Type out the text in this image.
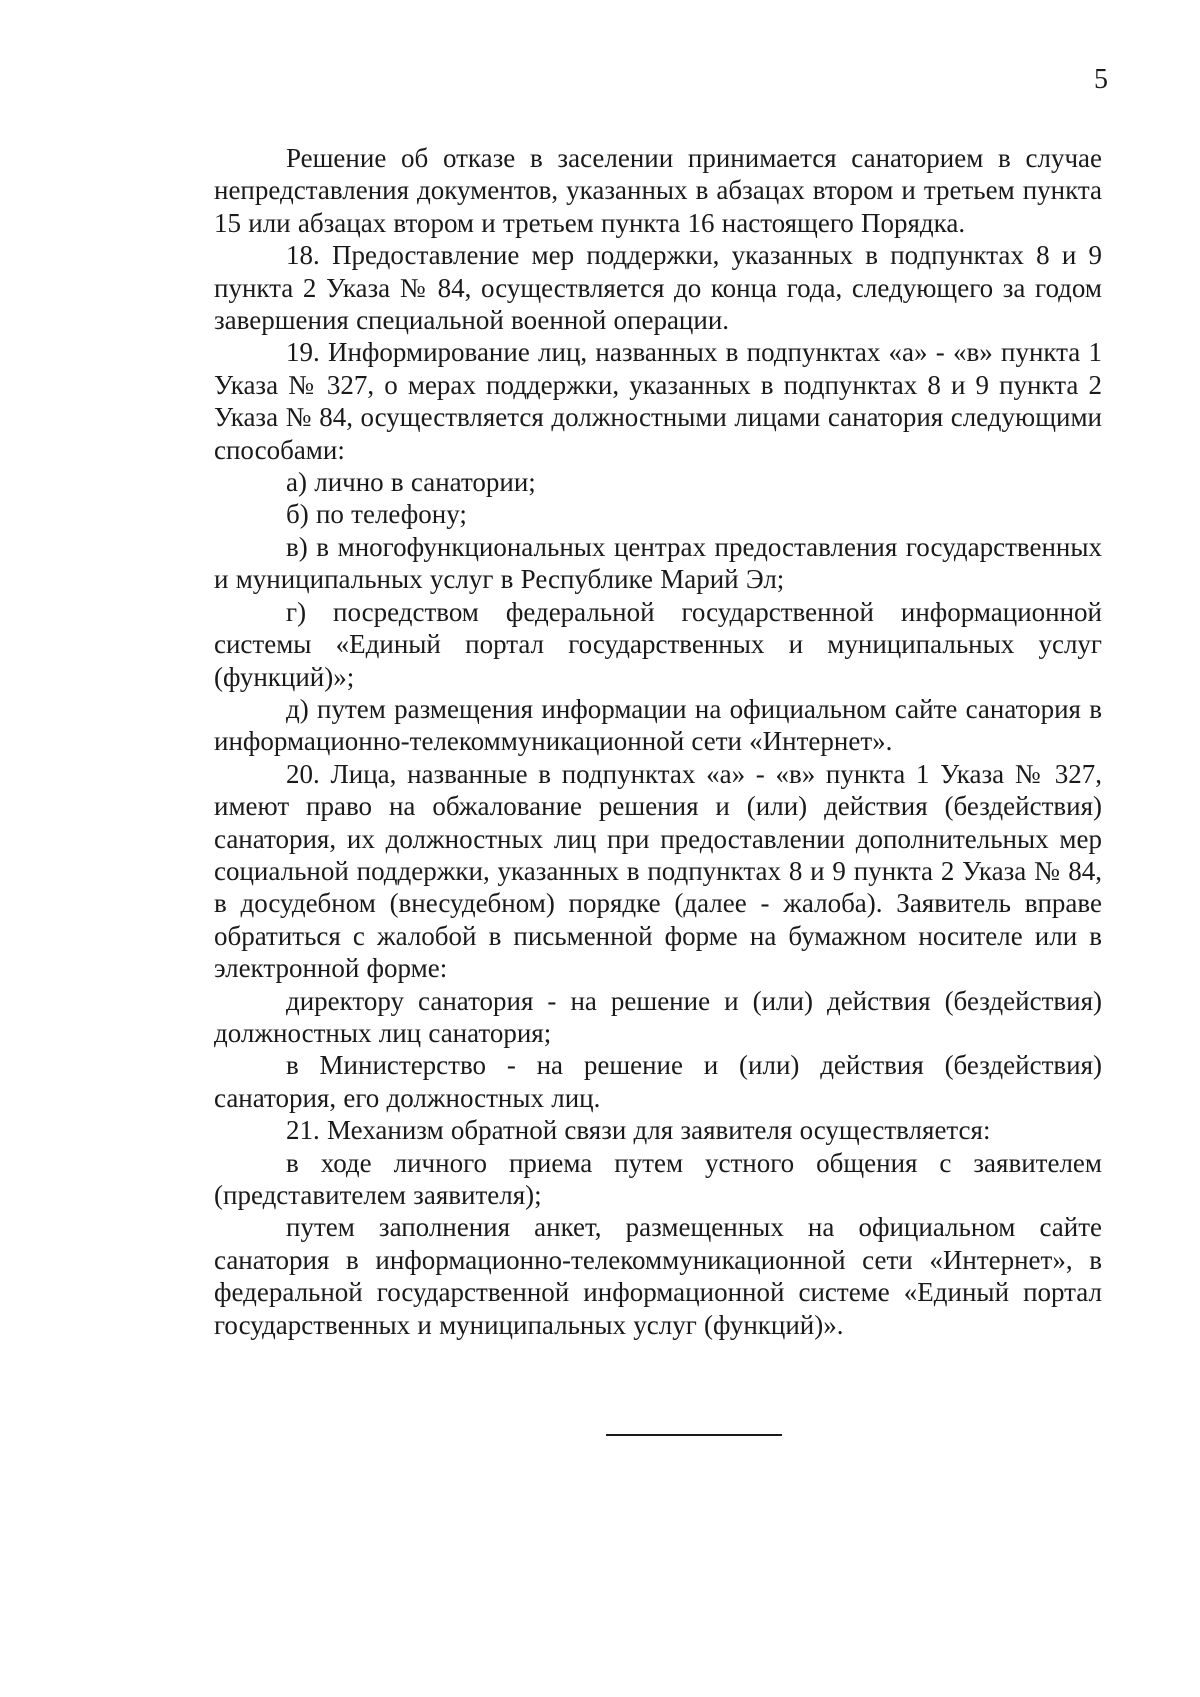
5

Решение об отказе в заселении принимается санаторием в случае непредставления документов, указанных в абзацах втором и третьем пункта 15 или абзацах втором и третьем пункта 16 настоящего Порядка.

18. Предоставление мер поддержки, указанных в подпунктах 8 и 9 пункта 2 Указа № 84, осуществляется до конца года, следующего за годом завершения специальной военной операции.

19. Информирование лиц, названных в подпунктах «а» - «в» пункта 1 Указа № 327, о мерах поддержки, указанных в подпунктах 8 и 9 пункта 2 Указа № 84, осуществляется должностными лицами санатория следующими способами:

а) лично в санатории;

б) по телефону;

в) в многофункциональных центрах предоставления государственных и муниципальных услуг в Республике Марий Эл;

г) посредством федеральной государственной информационной системы «Единый портал государственных и муниципальных услуг (функций)»;

д) путем размещения информации на официальном сайте санатория в информационно-телекоммуникационной сети «Интернет».

20. Лица, названные в подпунктах «а» - «в» пункта 1 Указа № 327, имеют право на обжалование решения и (или) действия (бездействия) санатория, их должностных лиц при предоставлении дополнительных мер социальной поддержки, указанных в подпунктах 8 и 9 пункта 2 Указа № 84, в досудебном (внесудебном) порядке (далее - жалоба). Заявитель вправе обратиться с жалобой в письменной форме на бумажном носителе или в электронной форме:

директору санатория - на решение и (или) действия (бездействия) должностных лиц санатория;

в Министерство - на решение и (или) действия (бездействия) санатория, его должностных лиц.

21. Механизм обратной связи для заявителя осуществляется:

в ходе личного приема путем устного общения с заявителем (представителем заявителя);

путем заполнения анкет, размещенных на официальном сайте санатория в информационно-телекоммуникационной сети «Интернет», в федеральной государственной информационной системе «Единый портал государственных и муниципальных услуг (функций)».
